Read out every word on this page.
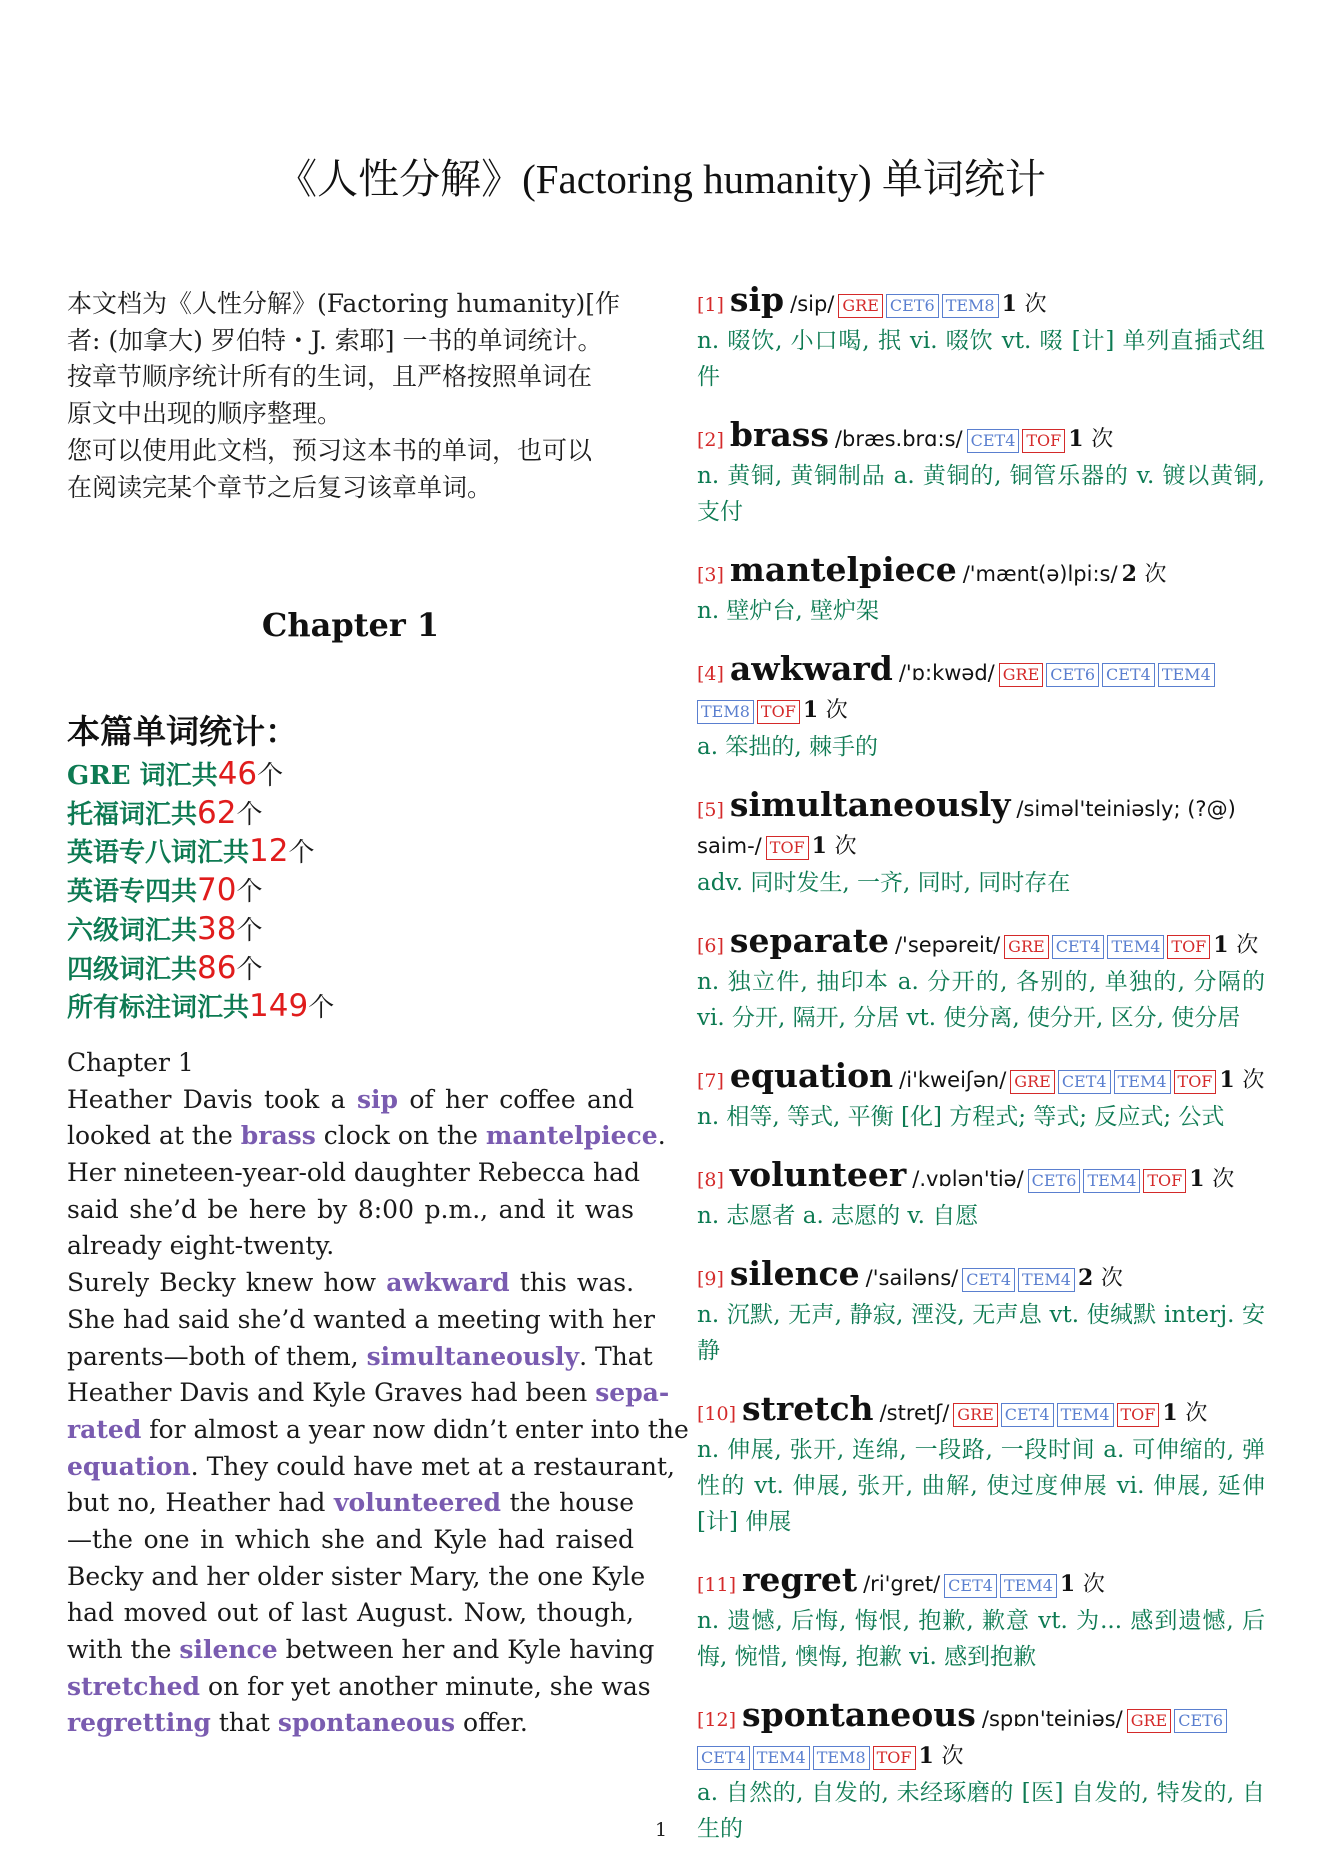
《人性分解》(Factoring humanity) 单词统计

本文档为《人性分解》(Factoring humanity)[作

者: (加拿大) 罗伯特・J. 索耶] 一书的单词统计。

按章节顺序统计所有的生词，且严格按照单词在

原文中出现的顺序整理。

您可以使用此文档，预习这本书的单词，也可以

在阅读完某个章节之后复习该章单词。

Chapter 1
本篇单词统计：
GRE 词汇共46个
托福词汇共62个
英语专八词汇共12个
英语专四共70个
六级词汇共38个
四级词汇共86个
所有标注词汇共149个
Chapter 1
Heather Davis took a sip of her coffee and
looked at the brass clock on the mantelpiece.
Her nineteen-year-old daughter Rebecca had
said she’d be here by 8:00 p.m., and it was
already eight-twenty.
Surely Becky knew how awkward this was.
She had said she’d wanted a meeting with her
parents—both of them, simultaneously. That
Heather Davis and Kyle Graves had been sepa-
rated for almost a year now didn’t enter into the
equation. They could have met at a restaurant,
but no, Heather had volunteered the house
—the one in which she and Kyle had raised
Becky and her older sister Mary, the one Kyle
had moved out of last August. Now, though,
with the silence between her and Kyle having
stretched on for yet another minute, she was
regretting that spontaneous offer.
[1] sip /sip/ GRE CET6 TEM8 1 次
n. 啜饮, 小口喝, 抿 vi. 啜饮 vt. 啜 [计] 单列直插式组件
[2] brass /bræs.brɑ:s/ CET4 TOF 1 次
n. 黄铜, 黄铜制品 a. 黄铜的, 铜管乐器的 v. 镀以黄铜, 支付
[3] mantelpiece /'mænt(ə)lpi:s/ 2 次
n. 壁炉台, 壁炉架
[4] awkward /'ɒ:kwəd/ GRE CET6 CET4 TEM4TEM8 TOF 1 次
a. 笨拙的, 棘手的
[5] simultaneously /siməl'teiniəsly; (?@) saim-/ TOF 1 次
adv. 同时发生, 一齐, 同时, 同时存在
[6] separate /'sepəreit/ GRE CET4 TEM4 TOF 1 次
n. 独立件, 抽印本 a. 分开的, 各别的, 单独的, 分隔的 vi. 分开, 隔开, 分居 vt. 使分离, 使分开, 区分, 使分居
[7] equation /i'kweiʃən/ GRE CET4 TEM4 TOF 1 次
n. 相等, 等式, 平衡 [化] 方程式; 等式; 反应式; 公式
[8] volunteer /.vɒlən'tiə/ CET6 TEM4 TOF 1 次
n. 志愿者 a. 志愿的 v. 自愿
[9] silence /'sailəns/ CET4 TEM4 2 次
n. 沉默, 无声, 静寂, 湮没, 无声息 vt. 使缄默 interj. 安静
[10] stretch /stretʃ/ GRE CET4 TEM4 TOF 1 次
n. 伸展, 张开, 连绵, 一段路, 一段时间 a. 可伸缩的, 弹性的 vt. 伸展, 张开, 曲解, 使过度伸展 vi. 伸展, 延伸 [计] 伸展
[11] regret /ri'gret/ CET4 TEM4 1 次
n. 遗憾, 后悔, 悔恨, 抱歉, 歉意 vt. 为... 感到遗憾, 后悔, 惋惜, 懊悔, 抱歉 vi. 感到抱歉
[12] spontaneous /spɒn'teiniəs/ GRE CET6CET4 TEM4 TEM8 TOF 1 次
a. 自然的, 自发的, 未经琢磨的 [医] 自发的, 特发的, 自生的
1
